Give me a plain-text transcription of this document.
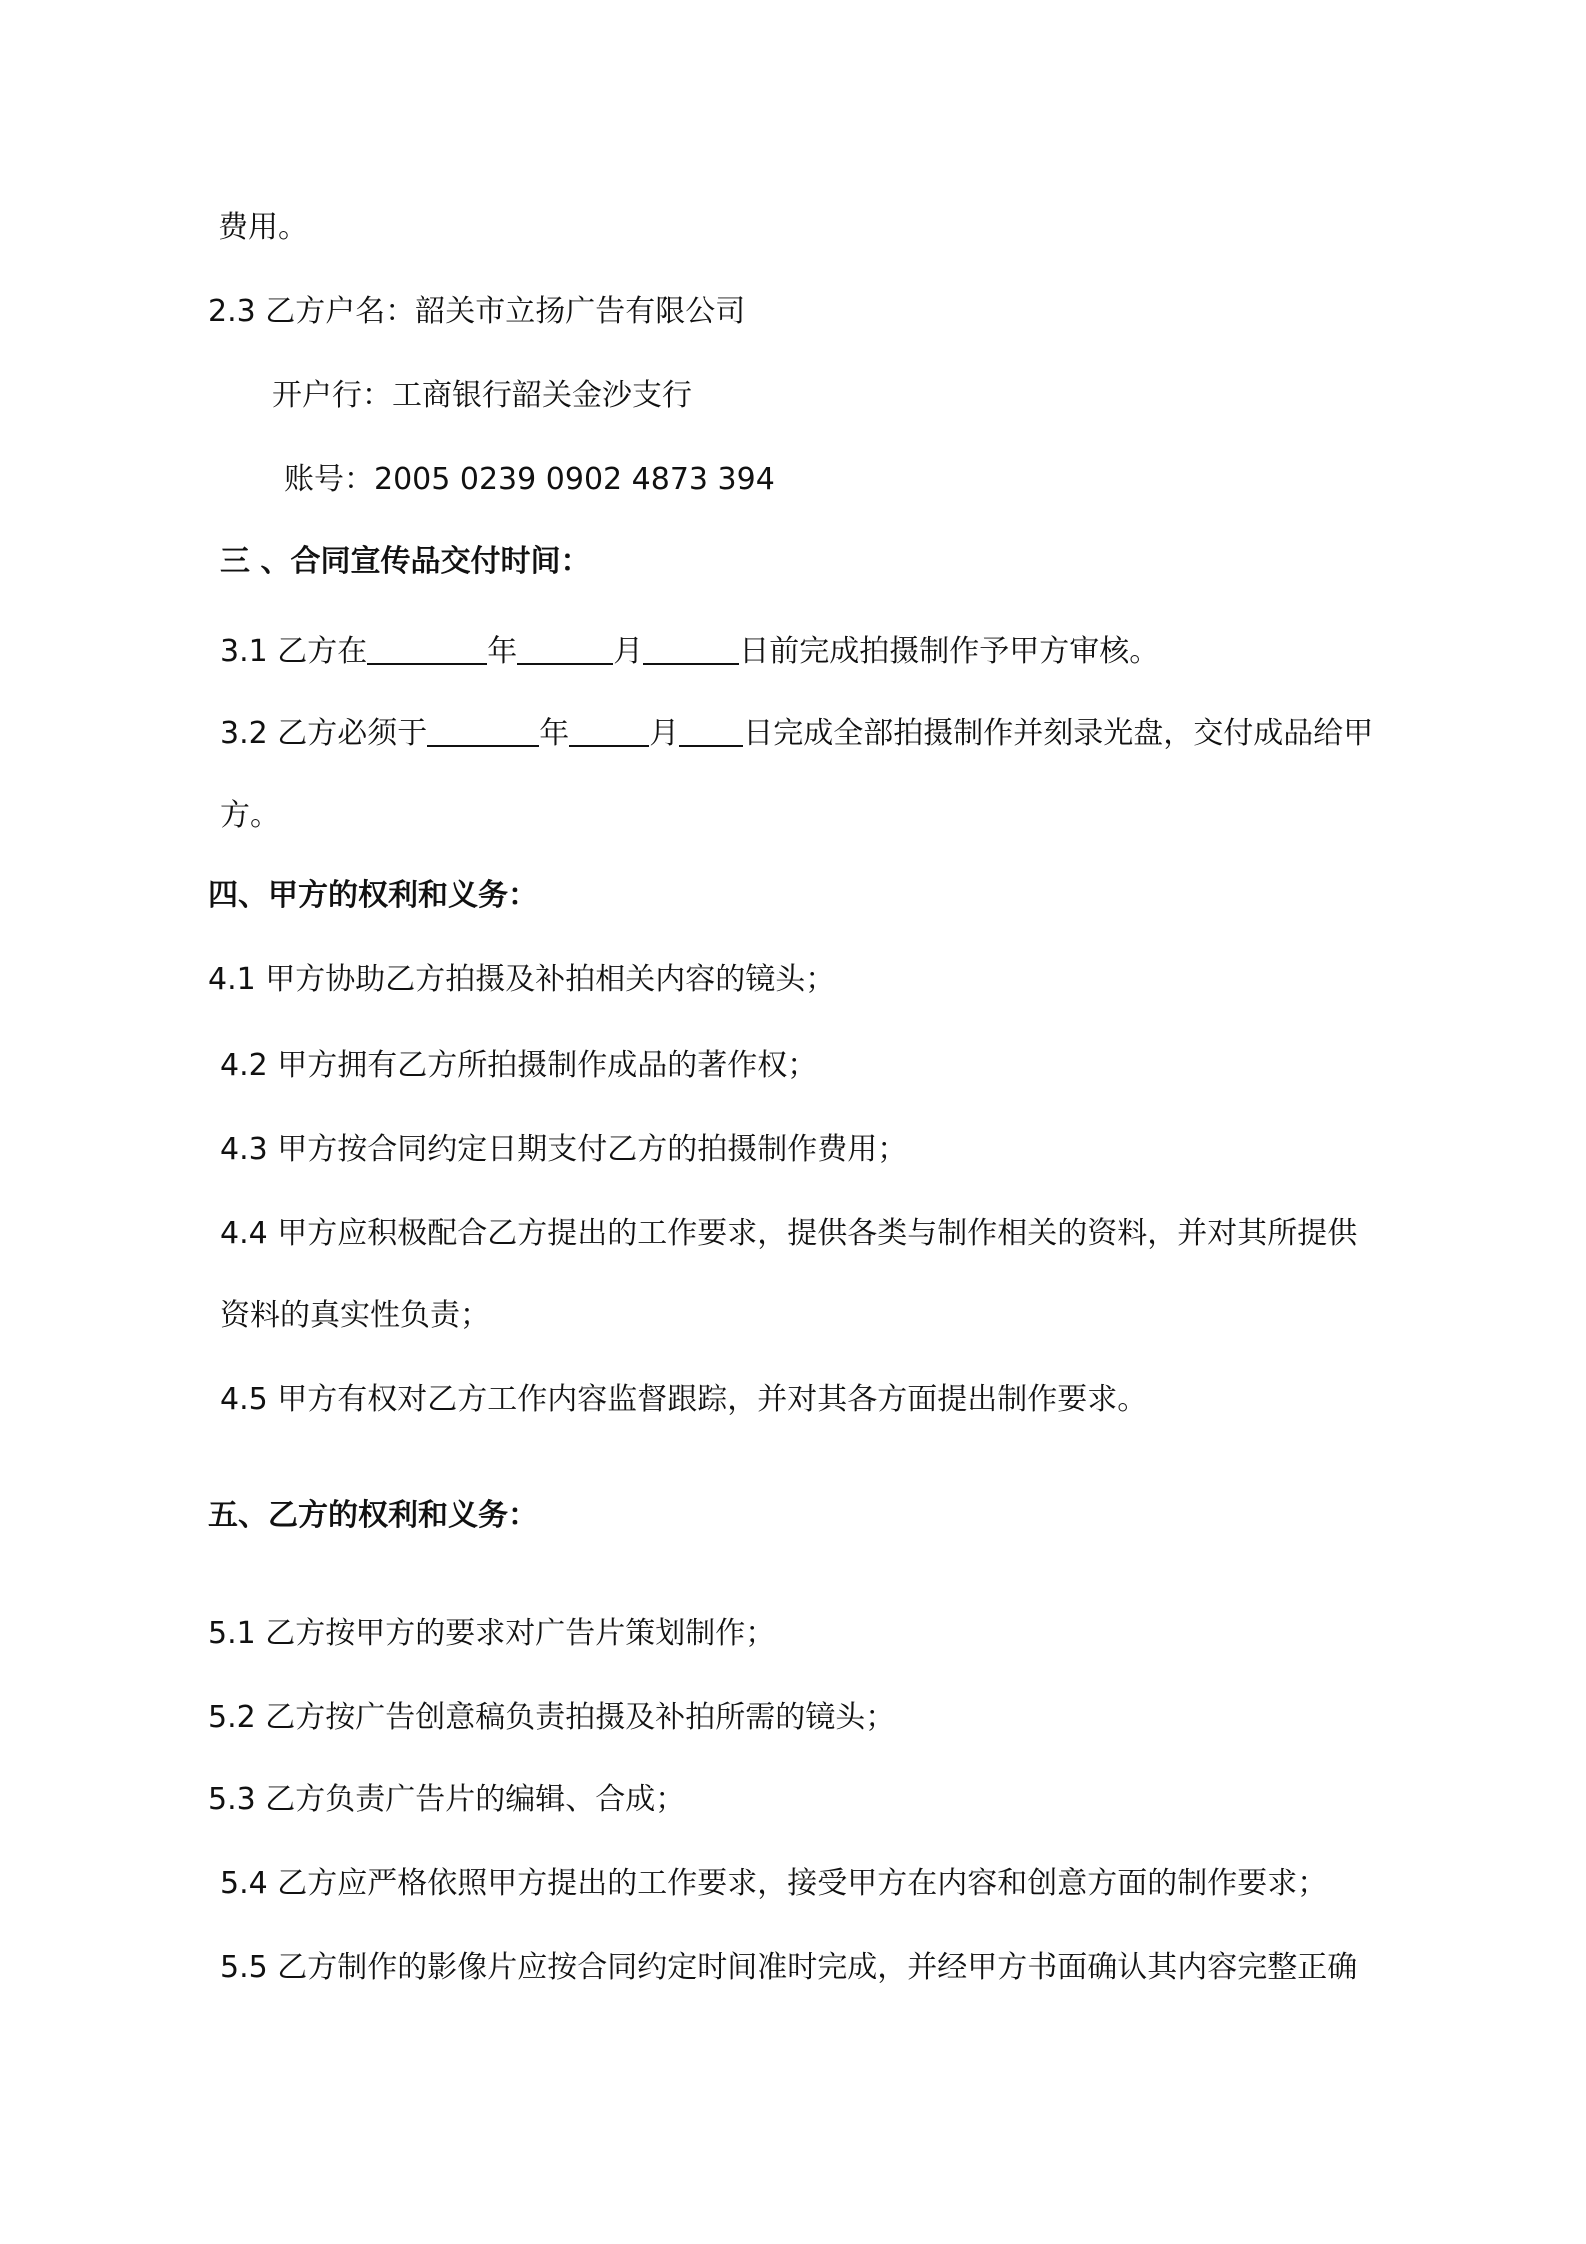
费用。
2.3 乙方户名：韶关市立扬广告有限公司
开户行：工商银行韶关金沙支行
账号：2005 0239 0902 4873 394
三 、合同宣传品交付时间：
3.1 乙方在	年	月	日前完成拍摄制作予甲方审核。
3.2 乙方必须于	年	月 日完成全部拍摄制作并刻录光盘，交付成品给甲
方。
四、甲方的权利和义务：
4.1 甲方协助乙方拍摄及补拍相关内容的镜头；
4.2 甲方拥有乙方所拍摄制作成品的著作权；
4.3 甲方按合同约定日期支付乙方的拍摄制作费用；
4.4 甲方应积极配合乙方提出的工作要求，提供各类与制作相关的资料，并对其所提供
资料的真实性负责；
4.5 甲方有权对乙方工作内容监督跟踪，并对其各方面提出制作要求。
五、乙方的权利和义务：
5.1 乙方按甲方的要求对广告片策划制作；
5.2 乙方按广告创意稿负责拍摄及补拍所需的镜头；
5.3 乙方负责广告片的编辑、合成；
5.4 乙方应严格依照甲方提出的工作要求，接受甲方在内容和创意方面的制作要求；
5.5 乙方制作的影像片应按合同约定时间准时完成，并经甲方书面确认其内容完整正确
